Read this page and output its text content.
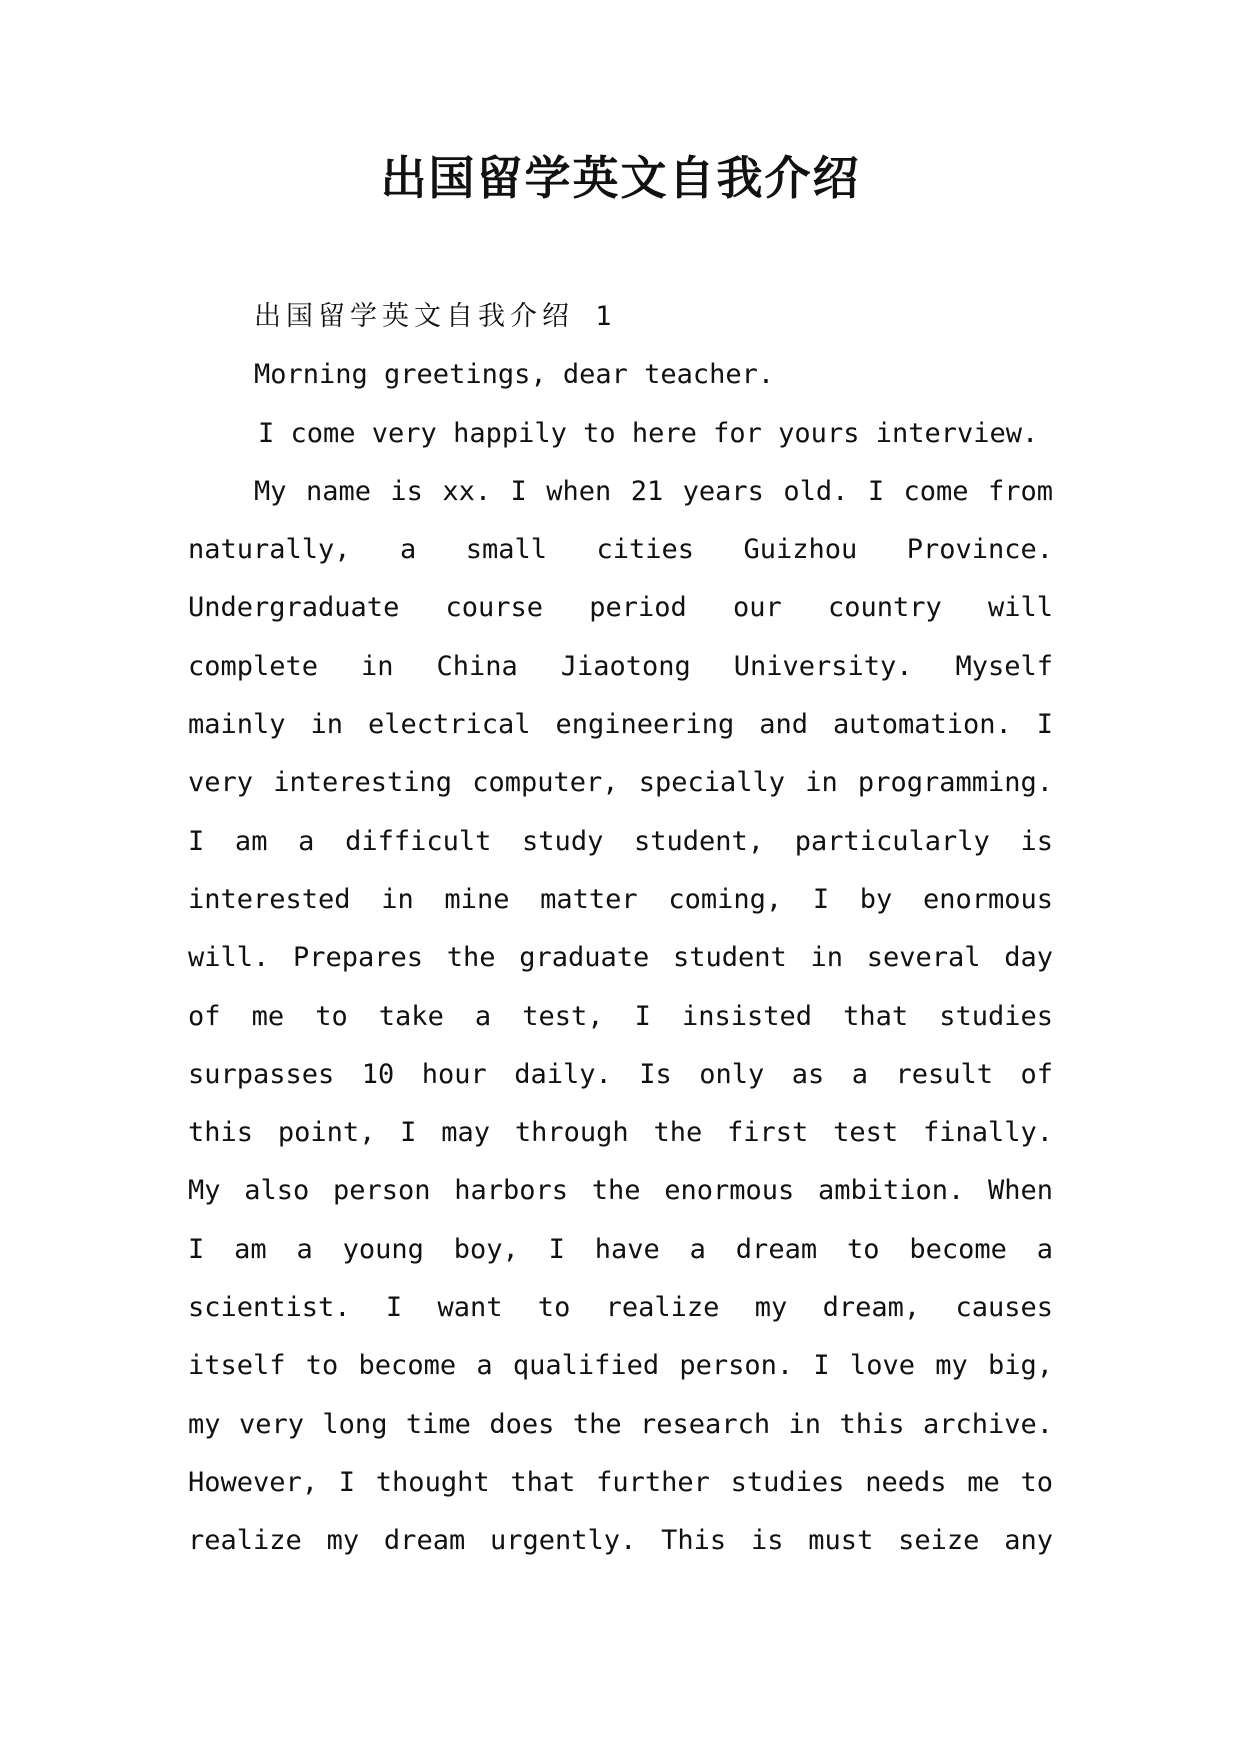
出国留学英文自我介绍
出国留学英文自我介绍 1
Morning greetings, dear teacher.
I come very happily to here for yours interview.
My name is xx. I when 21 years old. I come from
naturally, a small cities Guizhou Province.
Undergraduate course period our country will
complete in China Jiaotong University. Myself
mainly in electrical engineering and automation. I
very interesting computer, specially in programming.
I am a difficult study student, particularly is
interested in mine matter coming, I by enormous
will. Prepares the graduate student in several day
of me to take a test, I insisted that studies
surpasses 10 hour daily. Is only as a result of
this point, I may through the first test finally.
My also person harbors the enormous ambition. When
I am a young boy, I have a dream to become a
scientist. I want to realize my dream, causes
itself to become a qualified person. I love my big,
my very long time does the research in this archive.
However, I thought that further studies needs me to
realize my dream urgently. This is must seize any
